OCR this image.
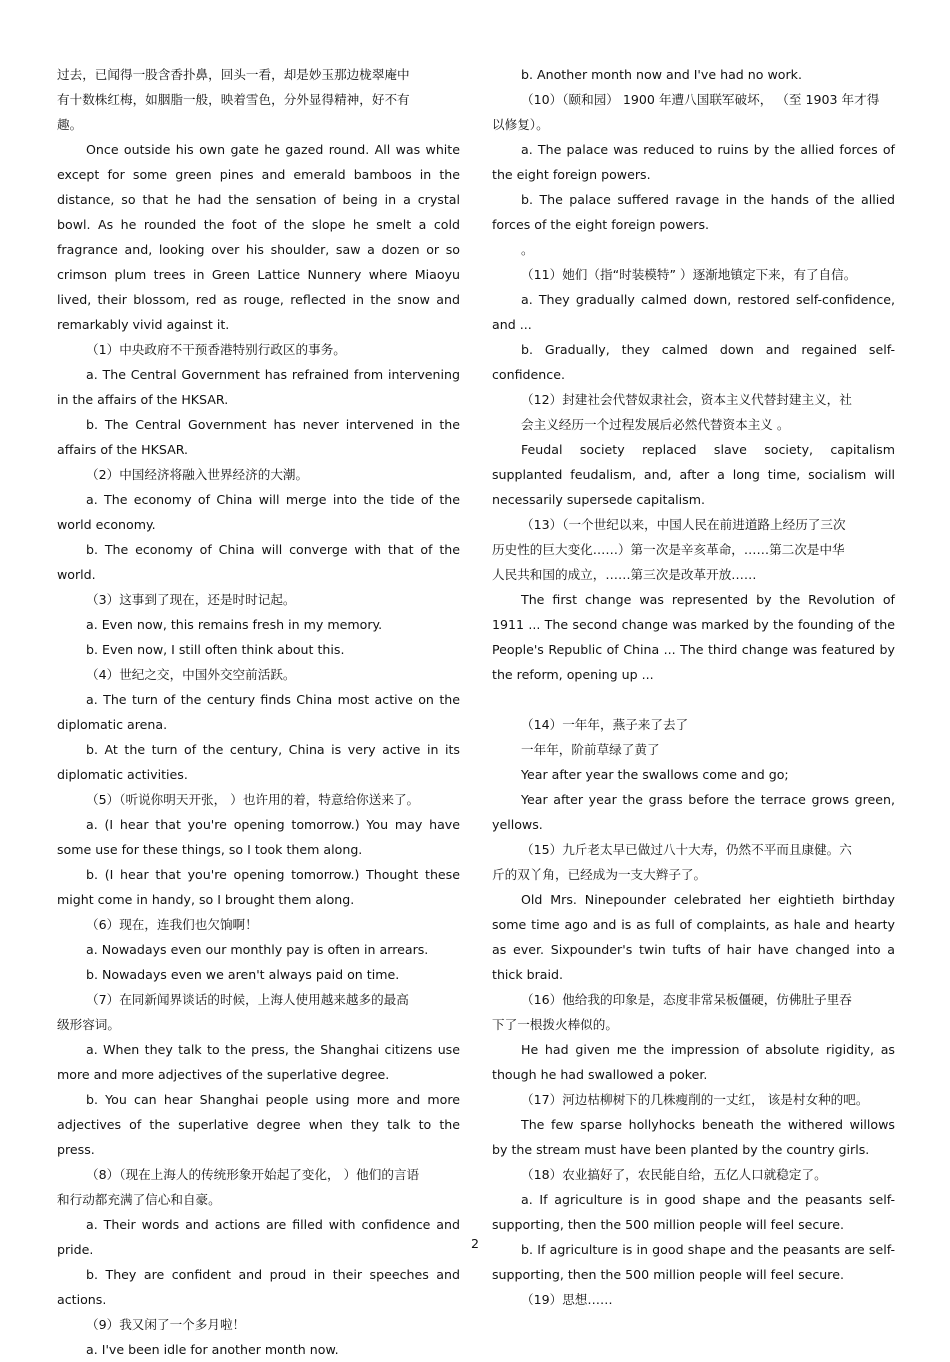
过去，已闻得一股含香扑鼻，回头一看，却是妙玉那边栊翠庵中
有十数株红梅，如胭脂一般，映着雪色，分外显得精神，好不有
趣。
Once outside his own gate he gazed round. All was white except for some green pines and emerald bamboos in the distance, so that he had the sensation of being in a crystal bowl. As he rounded the foot of the slope he smelt a cold fragrance and, looking over his shoulder, saw a dozen or so crimson plum trees in Green Lattice Nunnery where Miaoyu lived, their blossom, red as rouge, reflected in the snow and remarkably vivid against it.
（1）中央政府不干预香港特别行政区的事务。
a. The Central Government has refrained from intervening in the affairs of the HKSAR.
b. The Central Government has never intervened in the affairs of the HKSAR.
（2）中国经济将融入世界经济的大潮。
a. The economy of China will merge into the tide of the world economy.
b. The economy of China will converge with that of the world.
（3）这事到了现在，还是时时记起。
a. Even now, this remains fresh in my memory.
b. Even now, I still often think about this.
（4）世纪之交，中国外交空前活跃。
a. The turn of the century finds China most active on the diplomatic arena.
b. At the turn of the century, China is very active in its diplomatic activities.
（5）（听说你明天开张， ）也许用的着，特意给你送来了。
a. (I hear that you're opening tomorrow.) You may have some use for these things, so I took them along.
b. (I hear that you're opening tomorrow.) Thought these might come in handy, so I brought them along.
（6）现在，连我们也欠饷啊！
a. Nowadays even our monthly pay is often in arrears.
b. Nowadays even we aren't always paid on time.
（7）在同新闻界谈话的时候，上海人使用越来越多的最高
级形容词。
a. When they talk to the press, the Shanghai citizens use more and more adjectives of the superlative degree.
b. You can hear Shanghai people using more and more adjectives of the superlative degree when they talk to the press.
（8）（现在上海人的传统形象开始起了变化， ）他们的言语
和行动都充满了信心和自豪。
a. Their words and actions are filled with confidence and pride.
b. They are confident and proud in their speeches and actions.
（9）我又闲了一个多月啦！
a. I've been idle for another month now.
b. Another month now and I've had no work.
（10）（颐和园） 1900 年遭八国联军破坏， （至 1903 年才得
以修复）。
a. The palace was reduced to ruins by the allied forces of the eight foreign powers.
b. The palace suffered ravage in the hands of the allied forces of the eight foreign powers.
。
（11）她们（指“时装模特” ）逐渐地镇定下来，有了自信。
a. They gradually calmed down, restored self-confidence, and ...
b. Gradually, they calmed down and regained self-confidence.
（12）封建社会代替奴隶社会，资本主义代替封建主义，社
会主义经历一个过程发展后必然代替资本主义 。
Feudal society replaced slave society, capitalism supplanted feudalism, and, after a long time, socialism will necessarily supersede capitalism.
（13）（一个世纪以来，中国人民在前进道路上经历了三次
历史性的巨大变化……）第一次是辛亥革命，……第二次是中华
人民共和国的成立，……第三次是改革开放……
The first change was represented by the Revolution of 1911 ... The second change was marked by the founding of the People's Republic of China ... The third change was featured by the reform, opening up ...
（14）一年年，燕子来了去了
一年年，阶前草绿了黄了
Year after year the swallows come and go;
Year after year the grass before the terrace grows green, yellows.
（15）九斤老太早已做过八十大寿，仍然不平而且康健。六
斤的双丫角，已经成为一支大辫子了。
Old Mrs. Ninepounder celebrated her eightieth birthday some time ago and is as full of complaints, as hale and hearty as ever. Sixpounder's twin tufts of hair have changed into a thick braid.
（16）他给我的印象是，态度非常呆板僵硬，仿佛肚子里吞
下了一根拨火棒似的。
He had given me the impression of absolute rigidity, as though he had swallowed a poker.
（17）河边枯柳树下的几株瘦削的一丈红， 该是村女种的吧。
The few sparse hollyhocks beneath the withered willows by the stream must have been planted by the country girls.
（18）农业搞好了，农民能自给，五亿人口就稳定了。
a. If agriculture is in good shape and the peasants self-supporting, then the 500 million people will feel secure.
b. If agriculture is in good shape and the peasants are self-supporting, then the 500 million people will feel secure.
（19）思想……
2
